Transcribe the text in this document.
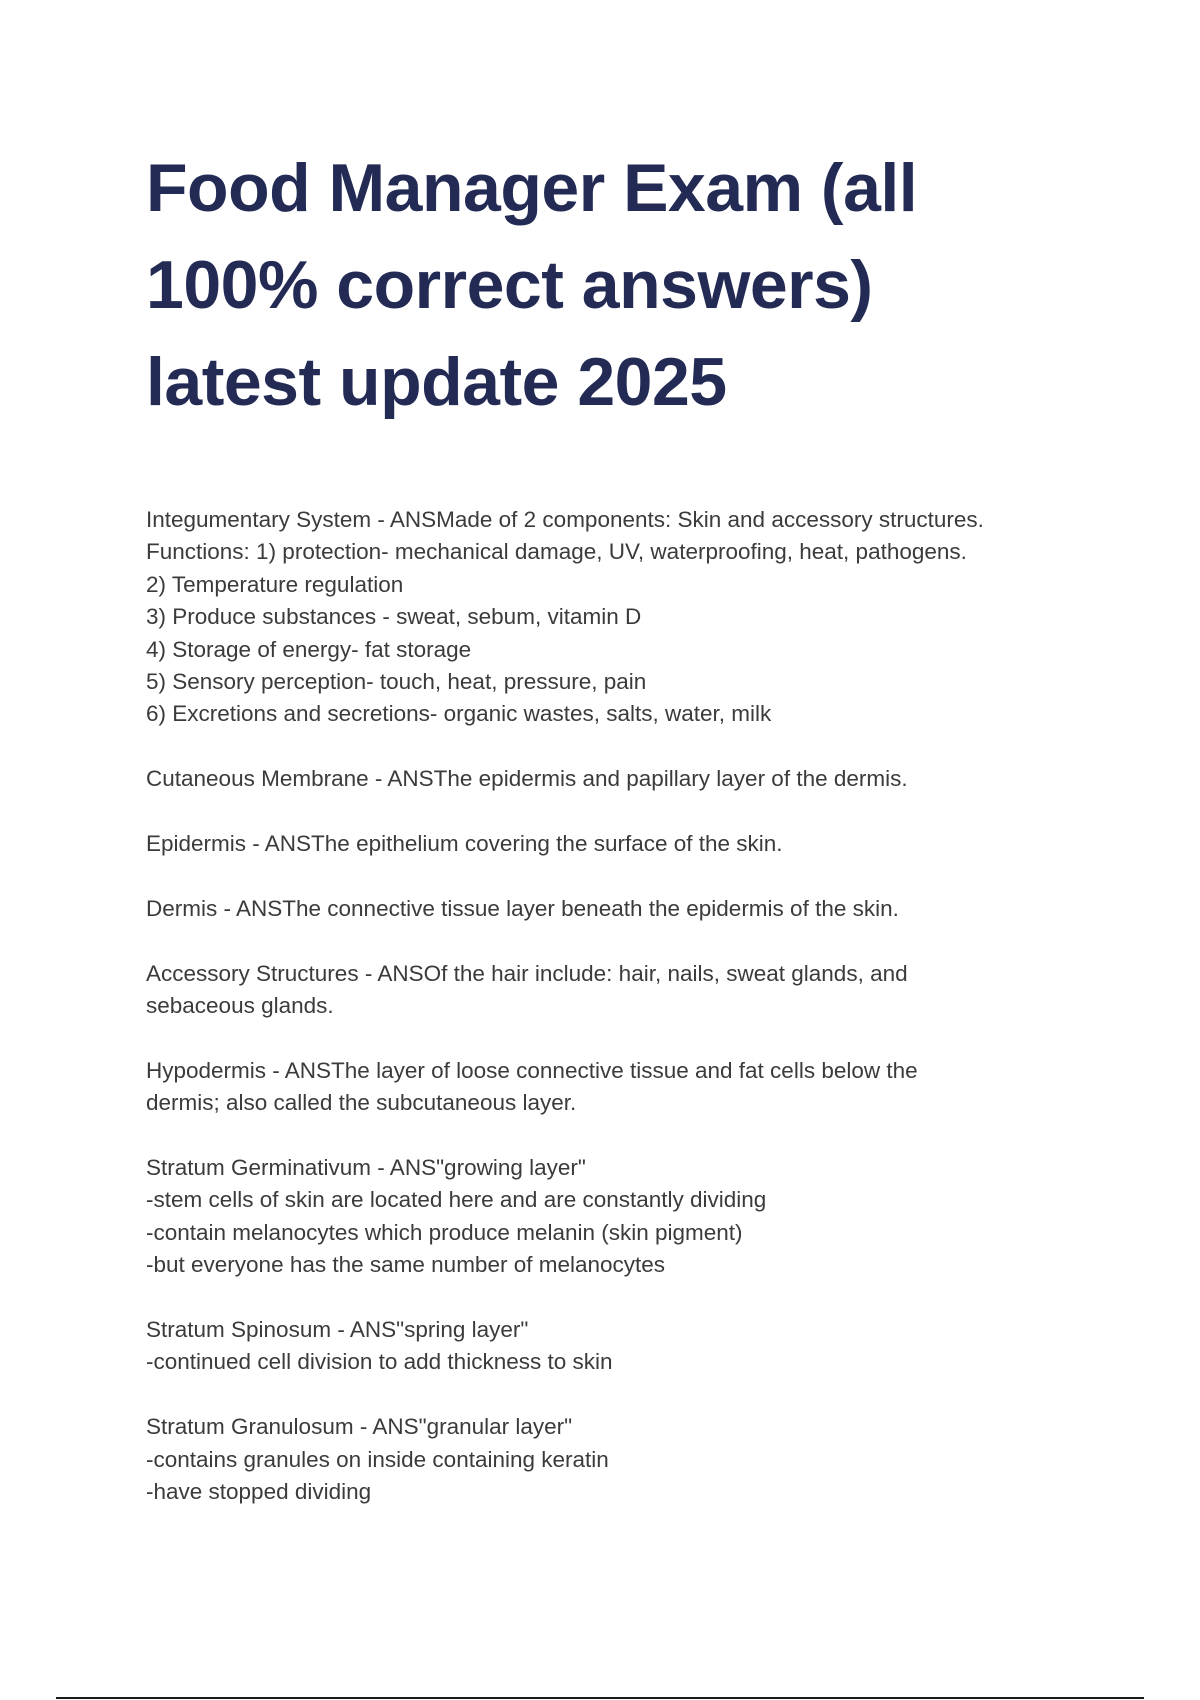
Food Manager Exam (all
100% correct answers)
latest update 2025
Integumentary System - ANSMade of 2 components: Skin and accessory structures.
Functions: 1) protection- mechanical damage, UV, waterproofing, heat, pathogens.
2) Temperature regulation
3) Produce substances - sweat, sebum, vitamin D
4) Storage of energy- fat storage
5) Sensory perception- touch, heat, pressure, pain
6) Excretions and secretions- organic wastes, salts, water, milk
Cutaneous Membrane - ANSThe epidermis and papillary layer of the dermis.
Epidermis - ANSThe epithelium covering the surface of the skin.
Dermis - ANSThe connective tissue layer beneath the epidermis of the skin.
Accessory Structures - ANSOf the hair include: hair, nails, sweat glands, and
sebaceous glands.
Hypodermis - ANSThe layer of loose connective tissue and fat cells below the
dermis; also called the subcutaneous layer.
Stratum Germinativum - ANS"growing layer"
-stem cells of skin are located here and are constantly dividing
-contain melanocytes which produce melanin (skin pigment)
-but everyone has the same number of melanocytes
Stratum Spinosum - ANS"spring layer"
-continued cell division to add thickness to skin
Stratum Granulosum - ANS"granular layer"
-contains granules on inside containing keratin
-have stopped dividing
